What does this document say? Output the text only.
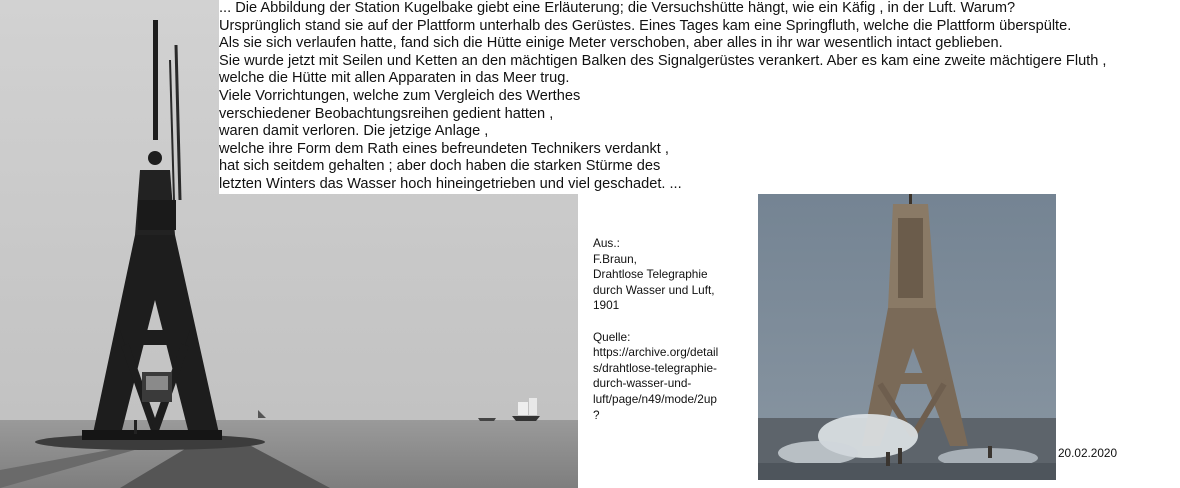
... Die Abbildung der Station Kugelbake giebt eine Erläuterung; die Versuchshütte hängt, wie ein Käfig , in der Luft. Warum?
Ursprünglich stand sie auf der Plattform unterhalb des Gerüstes. Eines Tages kam eine Springfluth, welche die Plattform überspülte.
Als sie sich verlaufen hatte, fand sich die Hütte einige Meter verschoben, aber alles in ihr war wesentlich intact geblieben.
Sie wurde jetzt mit Seilen und Ketten an den mächtigen Balken des Signalgerüstes verankert. Aber es kam eine zweite mächtigere Fluth ,
welche die Hütte mit allen Apparaten in das Meer trug.
Viele Vorrichtungen, welche zum Vergleich des Werthes
verschiedener Beobachtungsreihen gedient hatten ,
waren damit verloren. Die jetzige Anlage ,
welche ihre Form dem Rath eines befreundeten Technikers verdankt ,
hat sich seitdem gehalten ; aber doch haben die starken Stürme des
letzten Winters das Wasser hoch hineingetrieben und viel geschadet. ...
Aus.:
F.Braun,
Drahtlose Telegraphie
durch Wasser und Luft,
1901
Quelle:
https://archive.org/detail
s/drahtlose-telegraphie-
durch-wasser-und-
luft/page/n49/mode/2up
?
20.02.2020
